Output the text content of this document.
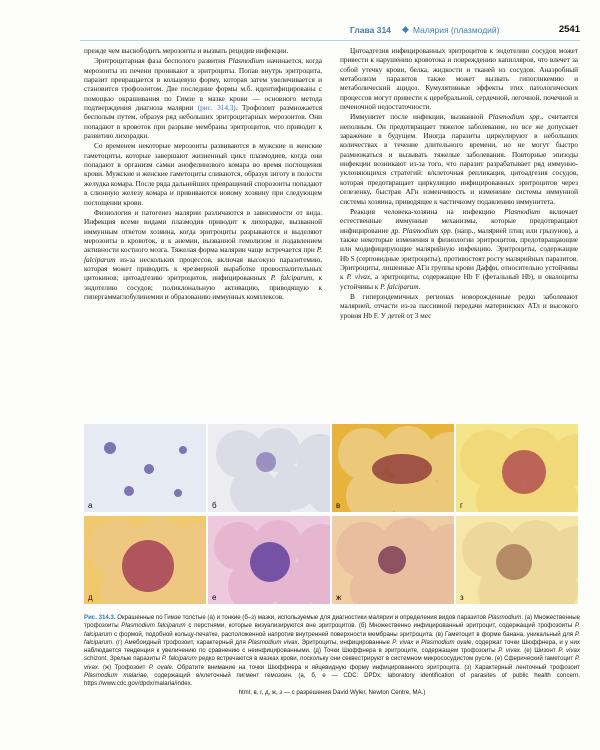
Глава 314 ◆ Малярия (плазмодий)	2541

прежде чем высвободить мерозоиты и вызвать рецидив инфекции.

Эритроцитарная фаза бесполого развития Plasmodium начинается, когда мерозоиты из печени проникают в эритроциты. Попав внутрь эритроцита, паразит превращается в кольцевую форму, которая затем увеличивается и становится трофозоитом. Две последние формы м.б. идентифицированы с помощью окрашивания по Гимзе в мазке крови — основного метода подтверждения диагноза малярии (рис. 314.3). Трофозоит размножается бесполым путем, образуя ряд небольших эритроцитарных мерозоитов. Они попадают в кровоток при разрыве мембраны эритроцитов, что приводит к развитию лихорадки.

Со временем некоторые мерозоиты развиваются в мужские и женские гаметоциты, которые завершают жизненный цикл плазмодиев, когда они попадают в организм самки анофелинового комара во время поглощения крови. Мужские и женские гаметоциты сливаются, образуя зиготу в полости желудка комара. После ряда дальнейших превращений спорозоиты попадают в слюнную железу комара и прививаются новому хозяину при следующем поглощении крови.

Физиология и патогенез малярии различаются в зависимости от вида. Инфекция всеми видами плазмодия приводит к лихорадке, вызванной иммунным ответом хозяина, когда эритроциты разрываются и выделяют мерозоиты в кровоток, и к анемии, вызванной гемолизом и подавлением активности костного мозга. Тяжелая форма малярии чаще встречается при P. falciparum из-за нескольких процессов, включая высокую паразитемию, которая может приводить к чрезмерной выработке провоспалительных цитокинов; цитоадгезию эритроцитов, инфицированных P. falciparum, к эндотелию сосудов; поликлональную активацию, приводящую к гипергаммаглобулинемии и образованию иммунных комплексов.

Цитоадгезия инфицированных эритроцитов к эндотелию сосудов может привести к нарушению кровотока и повреждению капилляров, что влечет за собой утечку крови, белка, жидкости и тканей из сосудов. Анаэробный метаболизм паразитов также может вызвать гипогликемию и метаболический ацидоз. Кумулятивные эффекты этих патологических процессов могут привести к церебральной, сердечной, легочной, почечной и печеночной недостаточности.

Иммунитет после инфекции, вызванной Plasmodium spp., считается неполным. Он предотвращает тяжелое заболевание, но все же допускает заражение в будущем. Иногда паразиты циркулируют в небольших количествах в течение длительного времени, но не могут быстро размножаться и вызывать тяжелые заболевания. Повторные эпизоды инфекции возникают из-за того, что паразит разрабатывает ряд иммунно-уклоняющихся стратегий: в/клеточная репликация, цитоадгезия сосудов, которая предотвращает циркуляцию инфицированных эритроцитов через селезенку, быстрая АГн изменчивость и изменение системы иммунной системы хозяина, приводящее к частичному подавлению иммунитета.

Реакция человека-хозяина на инфекцию Plasmodium включает естественные иммунные механизмы, которые предотвращают инфицирование др. Plasmodium spp. (напр., малярией птиц или грызунов), а также некоторые изменения в физиологии эритроцитов, предотвращающие или модифицирующие малярийную инфекцию. Эритроциты, содержащие Hb S (серповидные эритроциты), противостоят росту малярийных паразитов. Эритроциты, лишенные АГн группы крови Даффи, относительно устойчивы к P. vivax, а эритроциты, содержащие Hb F (фетальный Hb), и овалоциты устойчивы к P. falciparum.

В гиперэндемичных регионах новорожденные редко заболевают малярией, отчасти из-за пассивной передачи материнских АТл и высокого уровня Hb F. У детей от 3 мес

а	б	в	г
д	е	ж	з
Рис. 314.3. Окрашенные по Гимзе толстые (а) и тонкие (б–з) мазки, используемые для диагностики малярии и определения видов паразитов Plasmodium. (а) Множественные трофозоиты Plasmodium falciparum с перстнями, которые визуализируются вне эритроцитов. (б) Множественно инфицированный эритроцит, содержащий трофозоиты P. falciparum с формой, подобной кольцу-печатке, расположенной напротив внутренней поверхности мембраны эритроцита. (в) Гаметоцит в форме банана, уникальный для P. falciparum. (г) Амебоидный трофозоит, характерный для Plasmodium vivax. Эритроциты, инфицированные P. vivax и Plasmodium ovale, содержат точки Шюффнера, и у них наблюдается тенденция к увеличению по сравнению с неинфицированными. (д) Точки Шюффнера в эритроците, содержащем трофозоиты P. vivax. (е) Шизонт P. vivax schizont. Зрелые паразиты P. falciparum редко встречаются в мазках крови, поскольку они секвестрируют в системном микрососудистом русле. (е) Сферический гаметоцит P. vivax. (ж) Трофозоит P. ovale. Обратите внимание на точки Шюффнера и яйцевидную форму инфицированного эритроцита. (з) Характерный ленточный трофозоит Plasmodium malariae, содержащий в/клеточный пигмент гемозоин. (а, б, е — CDC: DPDx: laboratory identification of parasites of public health concern. https://www.cdc.gov/dpdx/malaria/index.
html; в, г, д, ж, з — с разрешения David Wyler, Newton Centre, MA.)
